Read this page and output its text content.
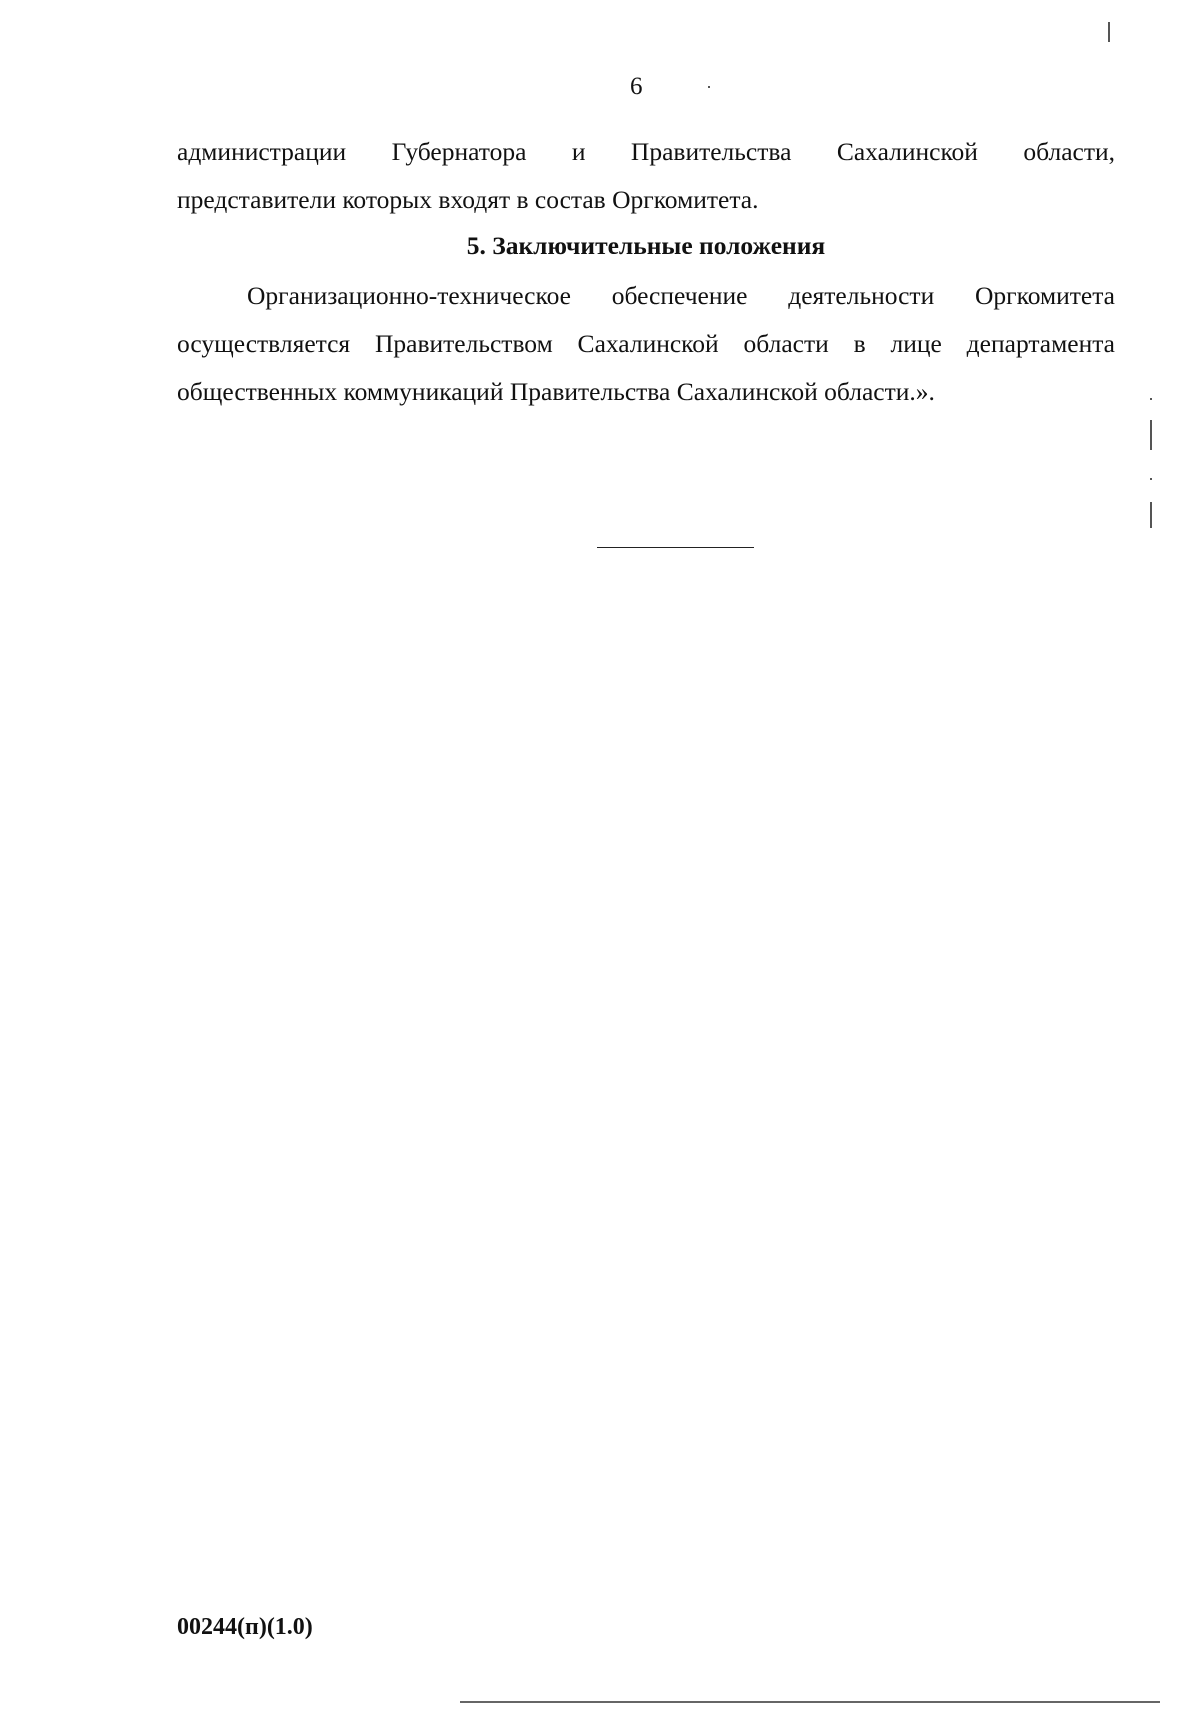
6
администрации Губернатора и Правительства Сахалинской области,
представители которых входят в состав Оргкомитета.
5. Заключительные положения
Организационно-техническое обеспечение деятельности Оргкомитета
осуществляется Правительством Сахалинской области в лице департамента
общественных коммуникаций Правительства Сахалинской области.».
00244(п)(1.0)
